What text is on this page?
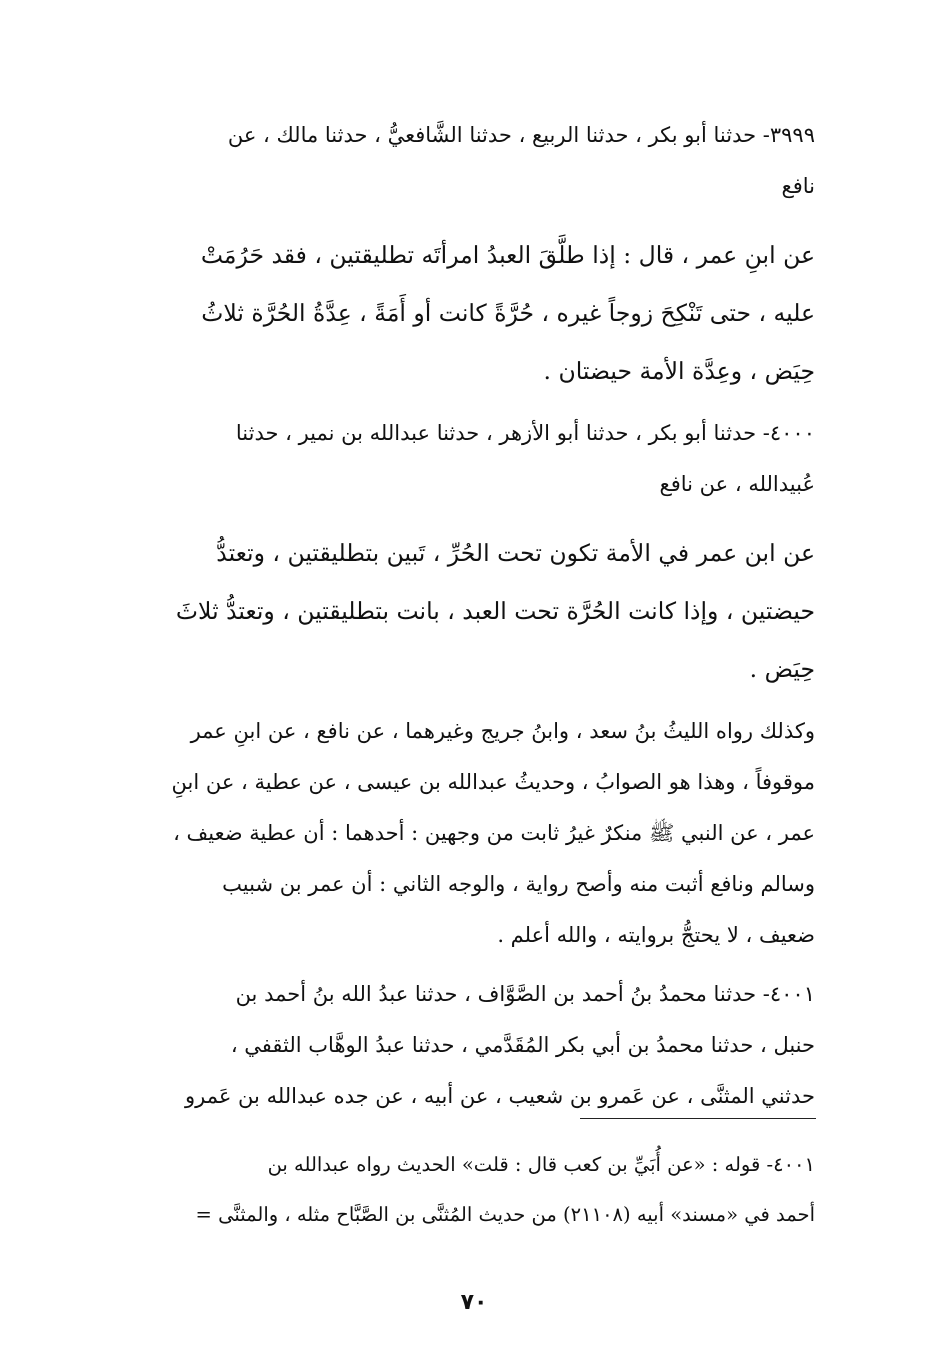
٣٩٩٩- حدثنا أبو بكر ، حدثنا الربيع ، حدثنا الشَّافعيُّ ، حدثنا مالك ، عن
نافع
عن ابنِ عمر ، قال : إذا طلَّقَ العبدُ امرأتَه تطليقتين ، فقد حَرُمَتْ
عليه ، حتى تَنْكِحَ زوجاً غيره ، حُرَّةً كانت أو أَمَةً ، عِدَّةُ الحُرَّة ثلاثُ
حِيَض ، وعِدَّة الأمة حيضتان .
٤٠٠٠- حدثنا أبو بكر ، حدثنا أبو الأزهر ، حدثنا عبدالله بن نمير ، حدثنا
عُبيدالله ، عن نافع
عن ابن عمر في الأمة تكون تحت الحُرِّ ، تَبين بتطليقتين ، وتعتدُّ
حيضتين ، وإذا كانت الحُرَّة تحت العبد ، بانت بتطليقتين ، وتعتدُّ ثلاثَ
حِيَض .
وكذلك رواه الليثُ بنُ سعد ، وابنُ جريج وغيرهما ، عن نافع ، عن ابنِ عمر
موقوفاً ، وهذا هو الصوابُ ، وحديثُ عبدالله بن عيسى ، عن عطية ، عن ابنِ
عمر ، عن النبي ﷺ منكرٌ غيرُ ثابت من وجهين : أحدهما : أن عطية ضعيف ،
وسالم ونافع أثبت منه وأصح رواية ، والوجه الثاني : أن عمر بن شبيب
ضعيف ، لا يحتجُّ بروايته ، والله أعلم .
٤٠٠١- حدثنا محمدُ بنُ أحمد بن الصَّوَّاف ، حدثنا عبدُ الله بنُ أحمد بن
حنبل ، حدثنا محمدُ بن أبي بكر المُقَدَّمي ، حدثنا عبدُ الوهَّاب الثقفي ،
حدثني المثنَّى ، عن عَمرو بن شعيب ، عن أبيه ، عن جده عبدالله بن عَمرو
٤٠٠١- قوله : «عن أُبَيِّ بن كعب قال : قلت» الحديث رواه عبدالله بن
أحمد في «مسند» أبيه (٢١١٠٨) من حديث المُثنَّى بن الصَّبَّاح مثله ، والمثنَّى =
٧٠
